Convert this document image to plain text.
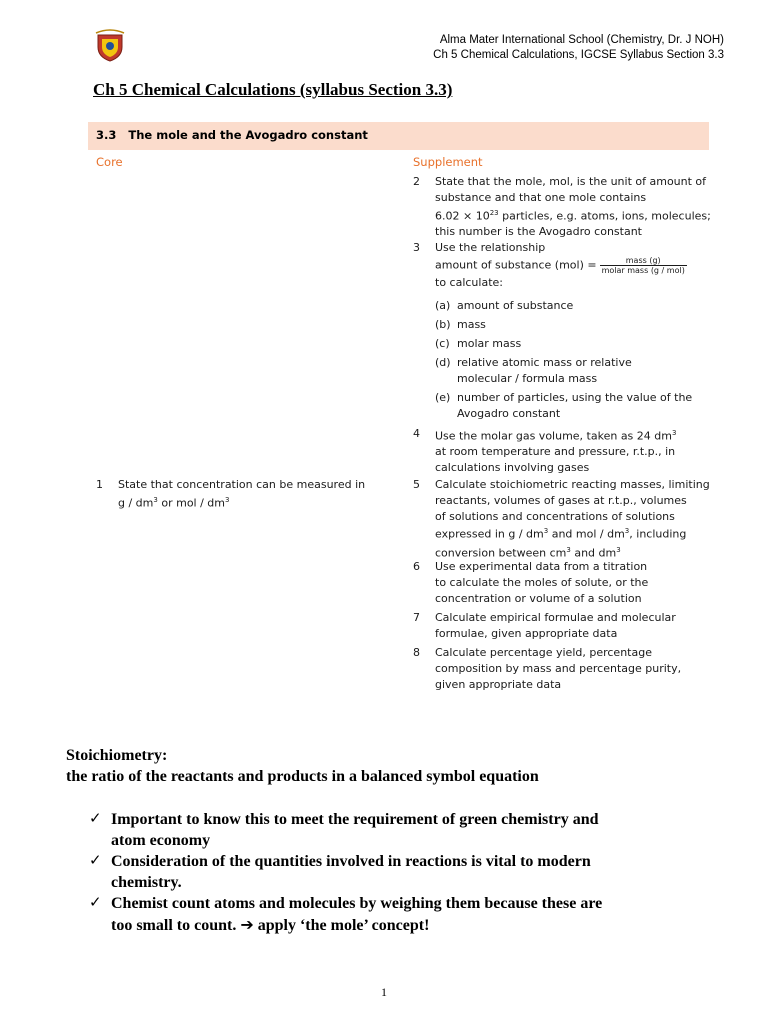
Alma Mater International School (Chemistry, Dr. J NOH)
Ch 5 Chemical Calculations, IGCSE Syllabus Section 3.3
Ch 5 Chemical Calculations (syllabus Section 3.3)
3.3 The mole and the Avogadro constant
Core	Supplement
2 State that the mole, mol, is the unit of amount of
substance and that one mole contains
$6.02 \times 10^{23}$ particles, e.g. atoms, ions, molecules;
this number is the Avogadro constant
3 Use the relationship
amount of substance $(mol) = \frac{\text{mass (g)}}{\text{molar mass (g / mol)}}$
to calculate:
(a) amount of substance
(b) mass
(c) molar mass
(d) relative atomic mass or relative
molecular / formula mass
(e) number of particles, using the value of the
Avogadro constant
4 Use the molar gas volume, taken as 24 $dm^3$
at room temperature and pressure, r.t.p., in
calculations involving gases
1 State that concentration can be measured in
g / $dm^3$ or mol / $dm^3$
5 Calculate stoichiometric reacting masses, limiting
reactants, volumes of gases at r.t.p., volumes
of solutions and concentrations of solutions
expressed in g / $dm^3$ and mol / $dm^3$, including
conversion between $cm^3$ and $dm^3$
6 Use experimental data from a titration
to calculate the moles of solute, or the
concentration or volume of a solution
7 Calculate empirical formulae and molecular
formulae, given appropriate data
8 Calculate percentage yield, percentage
composition by mass and percentage purity,
given appropriate data
Stoichiometry:
the ratio of the reactants and products in a balanced symbol equation
✓ Important to know this to meet the requirement of green chemistry and
atom economy
✓ Consideration of the quantities involved in reactions is vital to modern
chemistry.
✓ Chemist count atoms and molecules by weighing them because these are
too small to count. ➔ apply ‘the mole’ concept!
1
